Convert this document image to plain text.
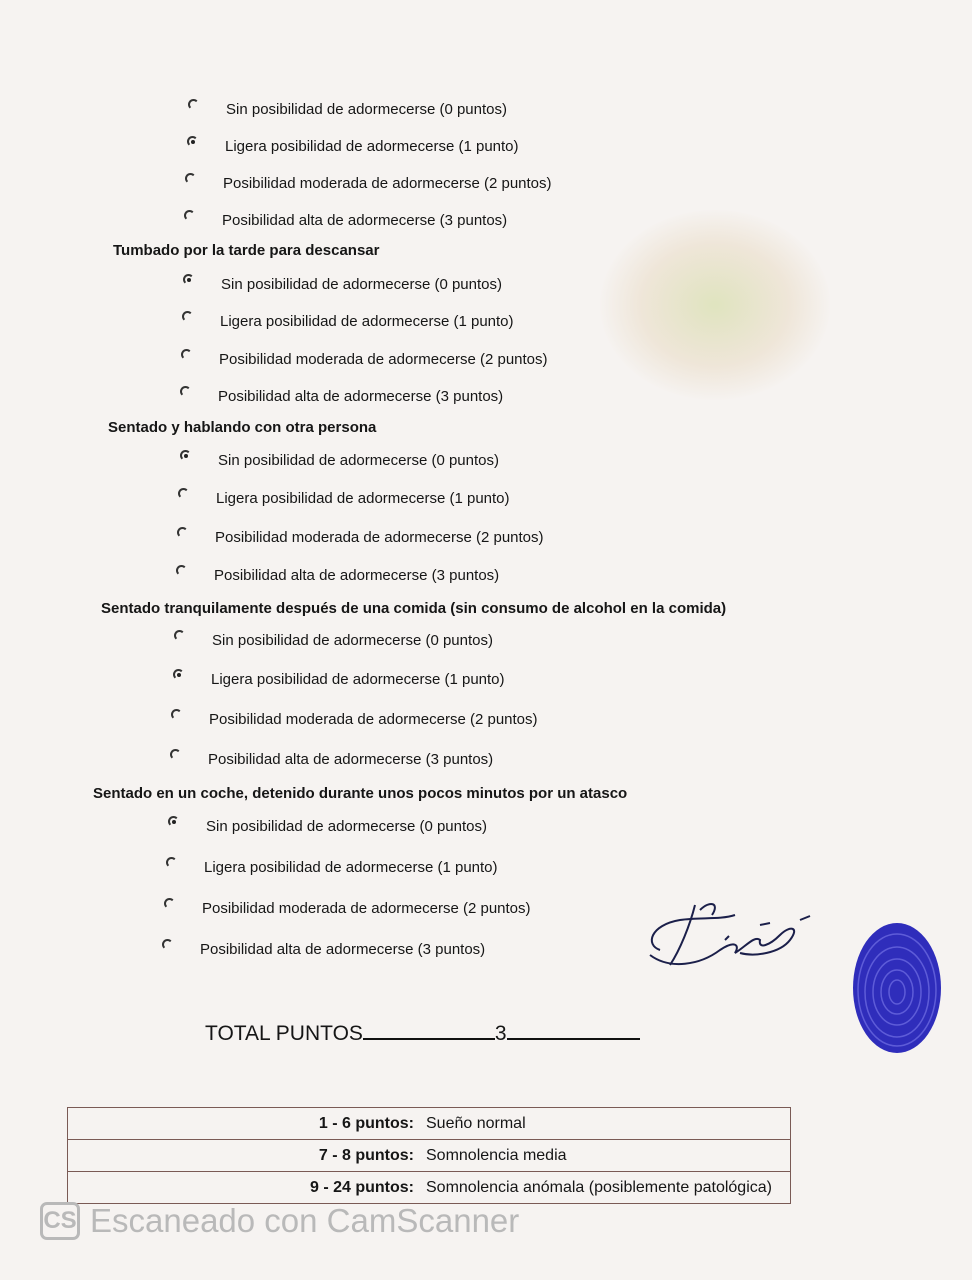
Sin posibilidad de adormecerse (0 puntos)
Ligera posibilidad de adormecerse (1 punto)
Posibilidad moderada de adormecerse (2 puntos)
Posibilidad alta de adormecerse (3 puntos)
Tumbado por la tarde para descansar
Sin posibilidad de adormecerse (0 puntos)
Ligera posibilidad de adormecerse (1 punto)
Posibilidad moderada de adormecerse (2 puntos)
Posibilidad alta de adormecerse (3 puntos)
Sentado y hablando con otra persona
Sin posibilidad de adormecerse (0 puntos)
Ligera posibilidad de adormecerse (1 punto)
Posibilidad moderada de adormecerse (2 puntos)
Posibilidad alta de adormecerse (3 puntos)
Sentado tranquilamente después de una comida (sin consumo de alcohol en la comida)
Sin posibilidad de adormecerse (0 puntos)
Ligera posibilidad de adormecerse (1 punto)
Posibilidad moderada de adormecerse (2 puntos)
Posibilidad alta de adormecerse (3 puntos)
Sentado en un coche, detenido durante unos pocos minutos por un atasco
Sin posibilidad de adormecerse (0 puntos)
Ligera posibilidad de adormecerse (1 punto)
Posibilidad moderada de adormecerse (2 puntos)
Posibilidad alta de adormecerse (3 puntos)
TOTAL PUNTOS	3
1 - 6 puntos:	Sueño normal
7 - 8 puntos:	Somnolencia media
9 - 24 puntos:	Somnolencia anómala (posiblemente patológica)
CS Escaneado con CamScanner
